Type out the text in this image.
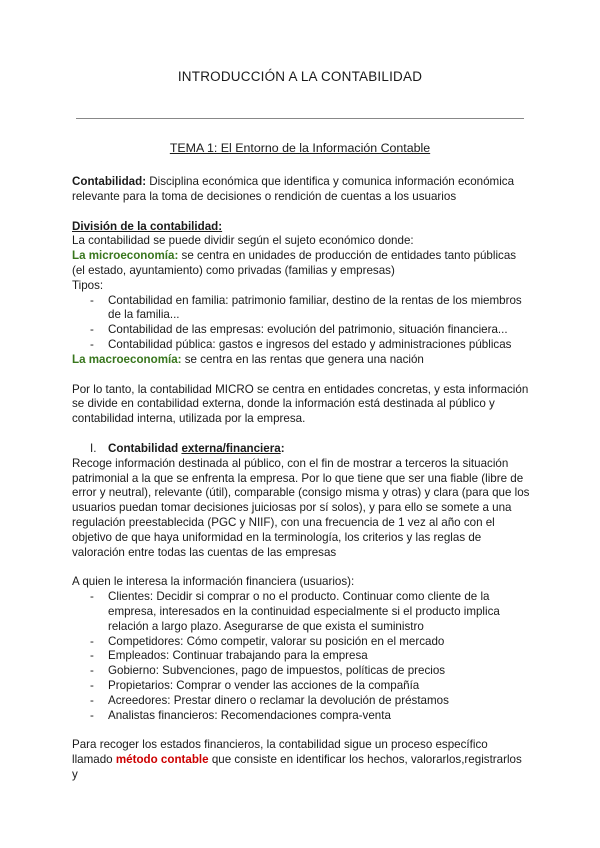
INTRODUCCIÓN A LA CONTABILIDAD
TEMA 1: El Entorno de la Información Contable

Contabilidad: Disciplina económica que identifica y comunica información económica relevante para la toma de decisiones o rendición de cuentas a los usuarios

División de la contabilidad:

La contabilidad se puede dividir según el sujeto económico donde:

La microeconomía: se centra en unidades de producción de entidades tanto públicas (el estado, ayuntamiento) como privadas (familias y empresas)

Tipos:

- Contabilidad en familia: patrimonio familiar, destino de la rentas de los miembros de la familia...
- Contabilidad de las empresas: evolución del patrimonio, situación financiera...
- Contabilidad pública: gastos e ingresos del estado y administraciones públicas

La macroeconomía: se centra en las rentas que genera una nación

Por lo tanto, la contabilidad MICRO se centra en entidades concretas, y esta información se divide en contabilidad externa, donde la información está destinada al público y contabilidad interna, utilizada por la empresa.

I. Contabilidad externa/financiera:

Recoge información destinada al público, con el fin de mostrar a terceros la situación patrimonial a la que se enfrenta la empresa. Por lo que tiene que ser una fiable (libre de error y neutral), relevante (útil), comparable (consigo misma y otras) y clara (para que los usuarios puedan tomar decisiones juiciosas por sí solos), y para ello se somete a una regulación preestablecida (PGC y NIIF), con una frecuencia de 1 vez al año con el objetivo de que haya uniformidad en la terminología, los criterios y las reglas de valoración entre todas las cuentas de las empresas

A quien le interesa la información financiera (usuarios):

- Clientes: Decidir si comprar o no el producto. Continuar como cliente de la empresa, interesados en la continuidad especialmente si el producto implica relación a largo plazo. Asegurarse de que exista el suministro
- Competidores: Cómo competir, valorar su posición en el mercado
- Empleados: Continuar trabajando para la empresa
- Gobierno: Subvenciones, pago de impuestos, políticas de precios
- Propietarios: Comprar o vender las acciones de la compañía
- Acreedores: Prestar dinero o reclamar la devolución de préstamos
- Analistas financieros: Recomendaciones compra-venta

Para recoger los estados financieros, la contabilidad sigue un proceso específico llamado método contable que consiste en identificar los hechos, valorarlos,registrarlos y
